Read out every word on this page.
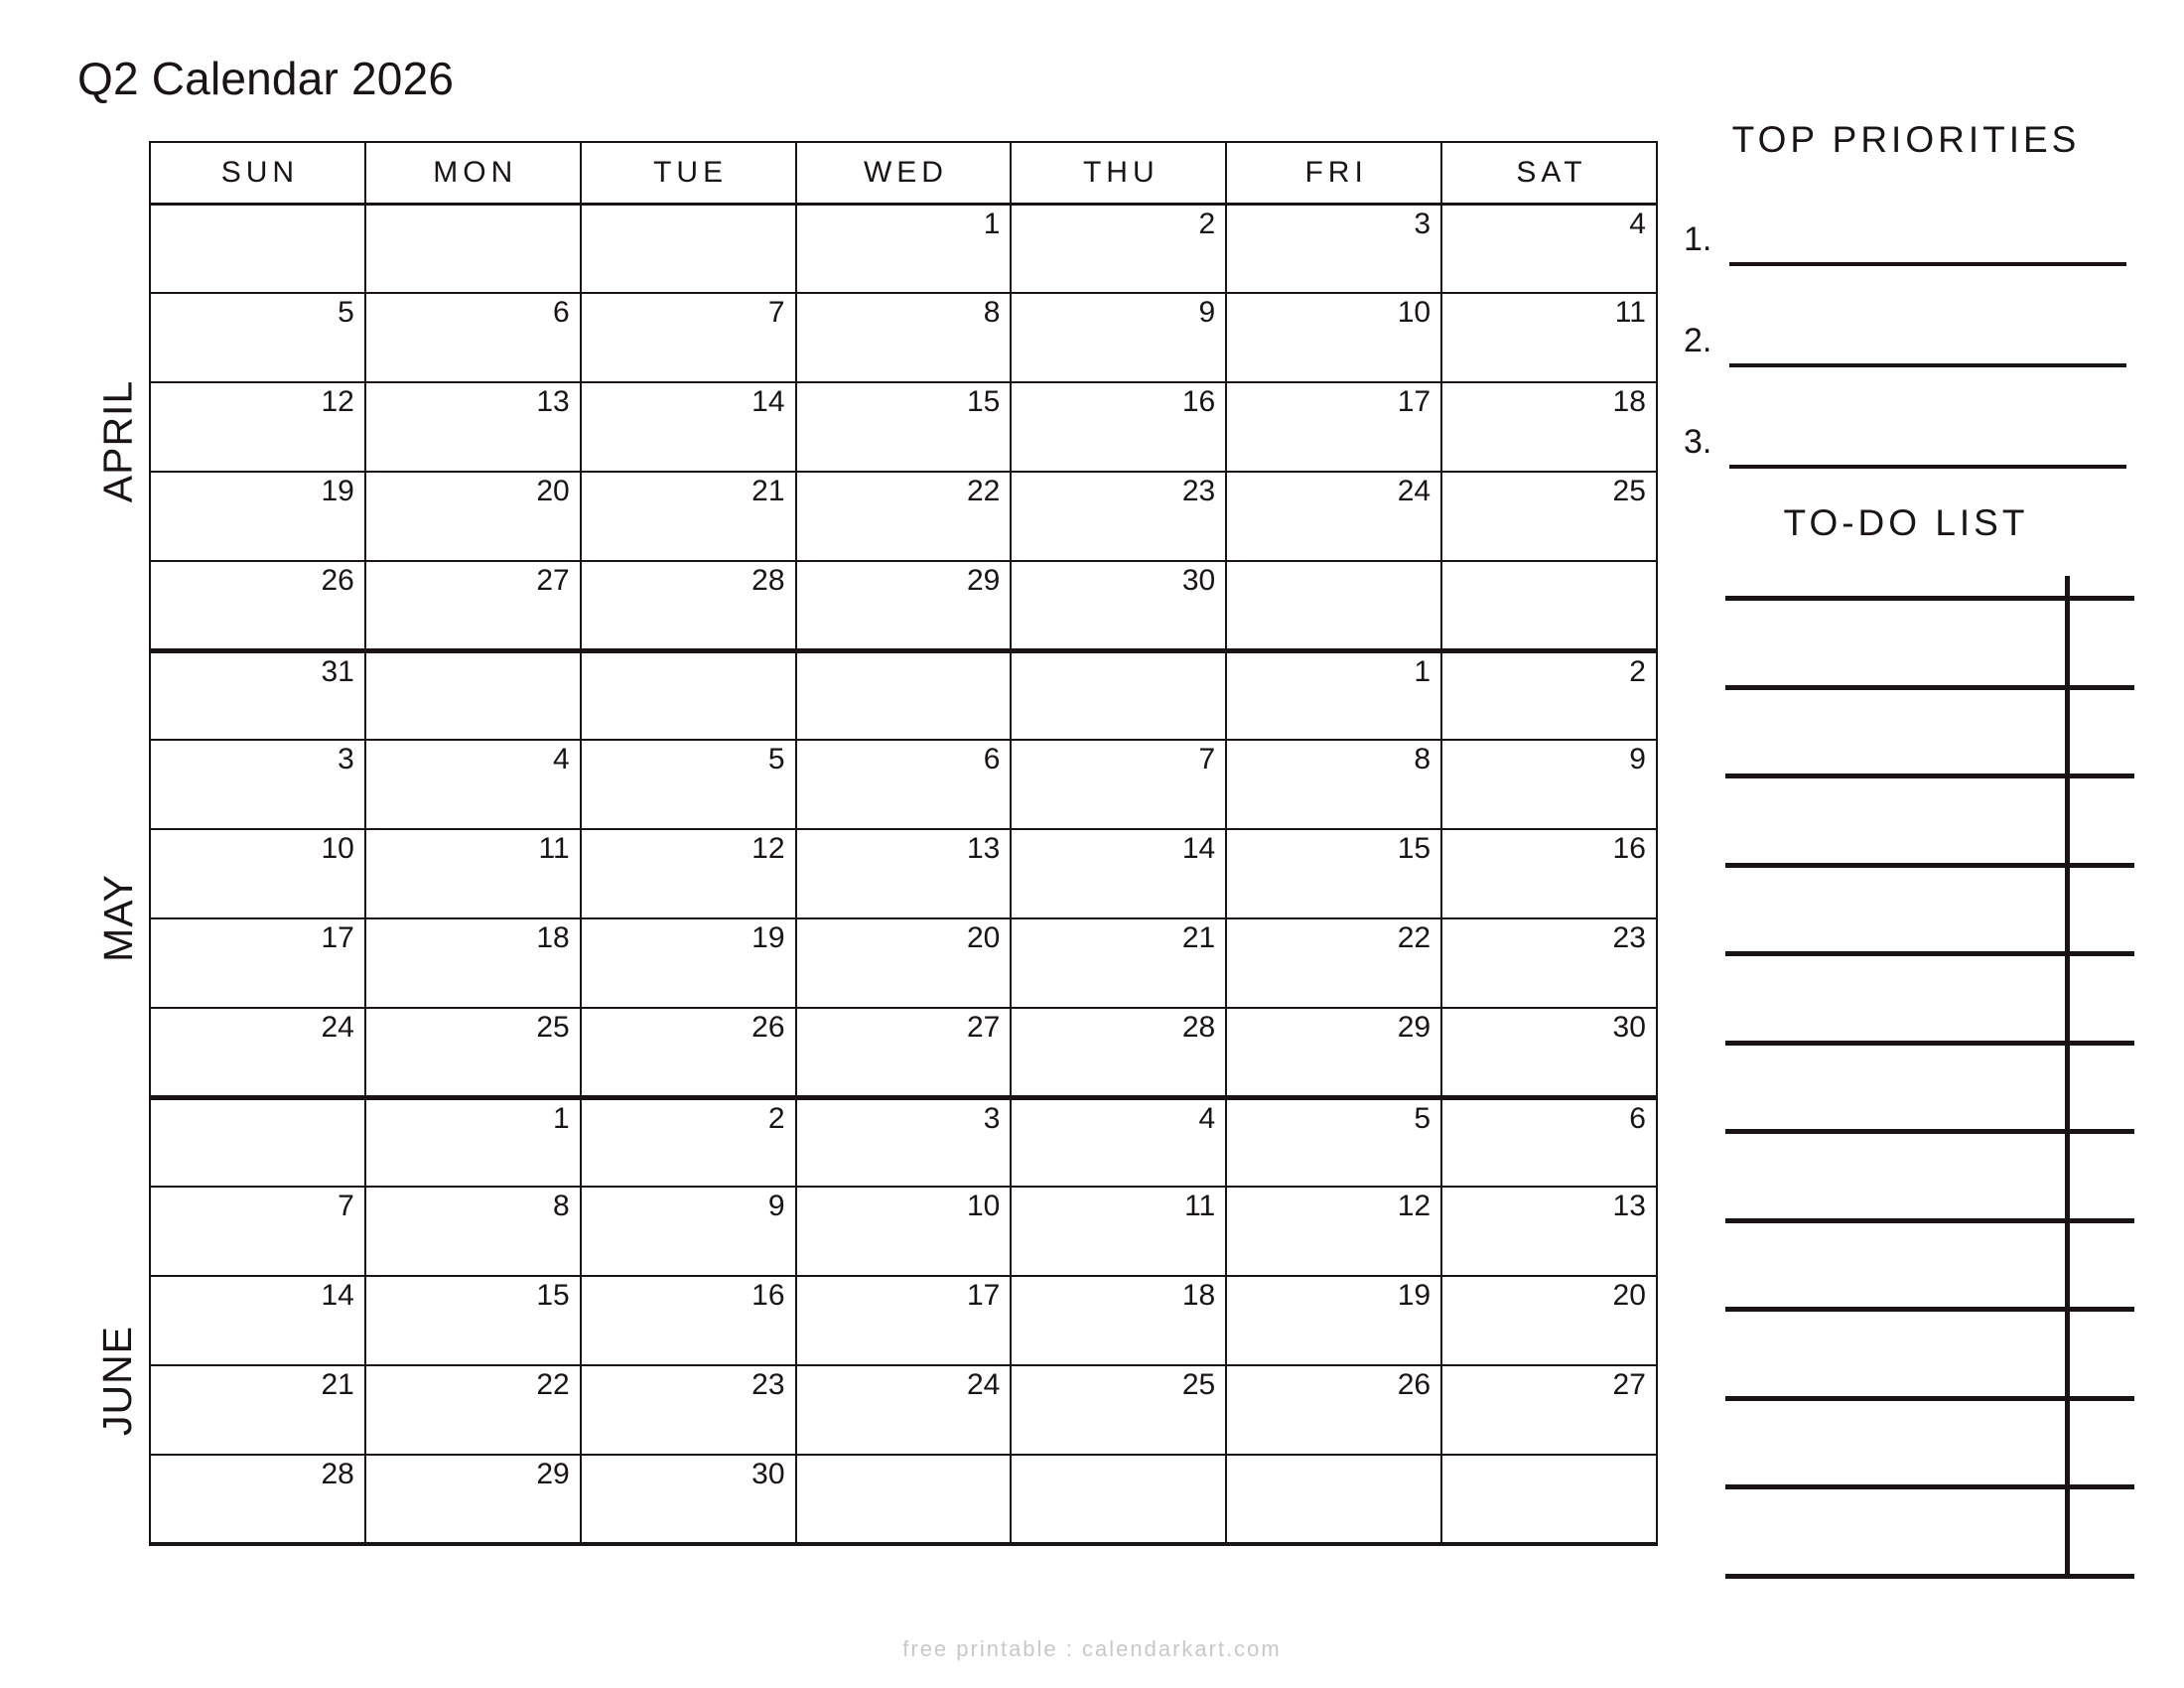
Q2 Calendar 2026
APRIL
MAY
JUNE
SUN	MON	TUE	WED	THU	FRI	SAT
			1	2	3	4
5	6	7	8	9	10	11
12	13	14	15	16	17	18
19	20	21	22	23	24	25
26	27	28	29	30		
31					1	2
3	4	5	6	7	8	9
10	11	12	13	14	15	16
17	18	19	20	21	22	23
24	25	26	27	28	29	30
	1	2	3	4	5	6
7	8	9	10	11	12	13
14	15	16	17	18	19	20
21	22	23	24	25	26	27
28	29	30				
TOP PRIORITIES
1.
2.
3.
TO-DO LIST
free printable : calendarkart.com
